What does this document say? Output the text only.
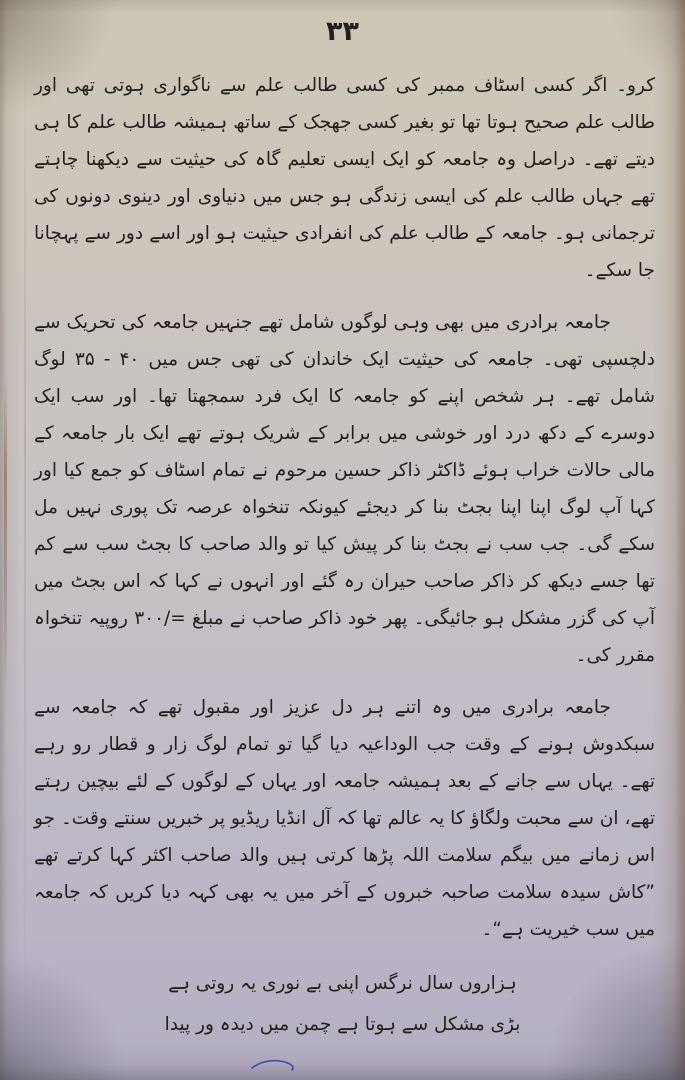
۳۳

کرو۔ اگر کسی اسٹاف ممبر کی کسی طالب علم سے ناگواری ہوتی تھی اور طالب علم صحیح ہوتا تھا تو بغیر کسی جھجک کے ساتھ ہمیشہ طالب علم کا ہی دیتے تھے۔ دراصل وہ جامعہ کو ایک ایسی تعلیم گاہ کی حیثیت سے دیکھنا چاہتے تھے جہاں طالب علم کی ایسی زندگی ہو جس میں دنیاوی اور دینوی دونوں کی ترجمانی ہو۔ جامعہ کے طالب علم کی انفرادی حیثیت ہو اور اسے دور سے پہچانا جا سکے۔

جامعہ برادری میں بھی وہی لوگوں شامل تھے جنہیں جامعہ کی تحریک سے دلچسپی تھی۔ جامعہ کی حیثیت ایک خاندان کی تھی جس میں ۴۰ - ۳۵ لوگ شامل تھے۔ ہر شخص اپنے کو جامعہ کا ایک فرد سمجھتا تھا۔ اور سب ایک دوسرے کے دکھ درد اور خوشی میں برابر کے شریک ہوتے تھے ایک بار جامعہ کے مالی حالات خراب ہوئے ڈاکٹر ذاکر حسین مرحوم نے تمام اسٹاف کو جمع کیا اور کہا آپ لوگ اپنا اپنا بجٹ بنا کر دیجئے کیونکہ تنخواہ عرصہ تک پوری نہیں مل سکے گی۔ جب سب نے بجٹ بنا کر پیش کیا تو والد صاحب کا بجٹ سب سے کم تھا جسے دیکھ کر ذاکر صاحب حیران رہ گئے اور انہوں نے کہا کہ اس بجٹ میں آپ کی گزر مشکل ہو جائیگی۔ پھر خود ذاکر صاحب نے مبلغ =/۳۰۰ روپیہ تنخواہ مقرر کی۔

جامعہ برادری میں وہ اتنے ہر دل عزیز اور مقبول تھے کہ جامعہ سے سبکدوش ہونے کے وقت جب الوداعیہ دیا گیا تو تمام لوگ زار و قطار رو رہے تھے۔ یہاں سے جانے کے بعد ہمیشہ جامعہ اور یہاں کے لوگوں کے لئے بیچین رہتے تھے، ان سے محبت ولگاؤ کا یہ عالم تھا کہ آل انڈیا ریڈیو پر خبریں سنتے وقت۔ جو اس زمانے میں بیگم سلامت اللہ پڑھا کرتی ہیں والد صاحب اکثر کہا کرتے تھے ”کاش سیدہ سلامت صاحبہ خبروں کے آخر میں یہ بھی کہہ دیا کریں کہ جامعہ میں سب خیریت ہے“۔

ہزاروں سال نرگس اپنی بے نوری یہ روتی ہے
بڑی مشکل سے ہوتا ہے چمن میں دیدہ ور پیدا
